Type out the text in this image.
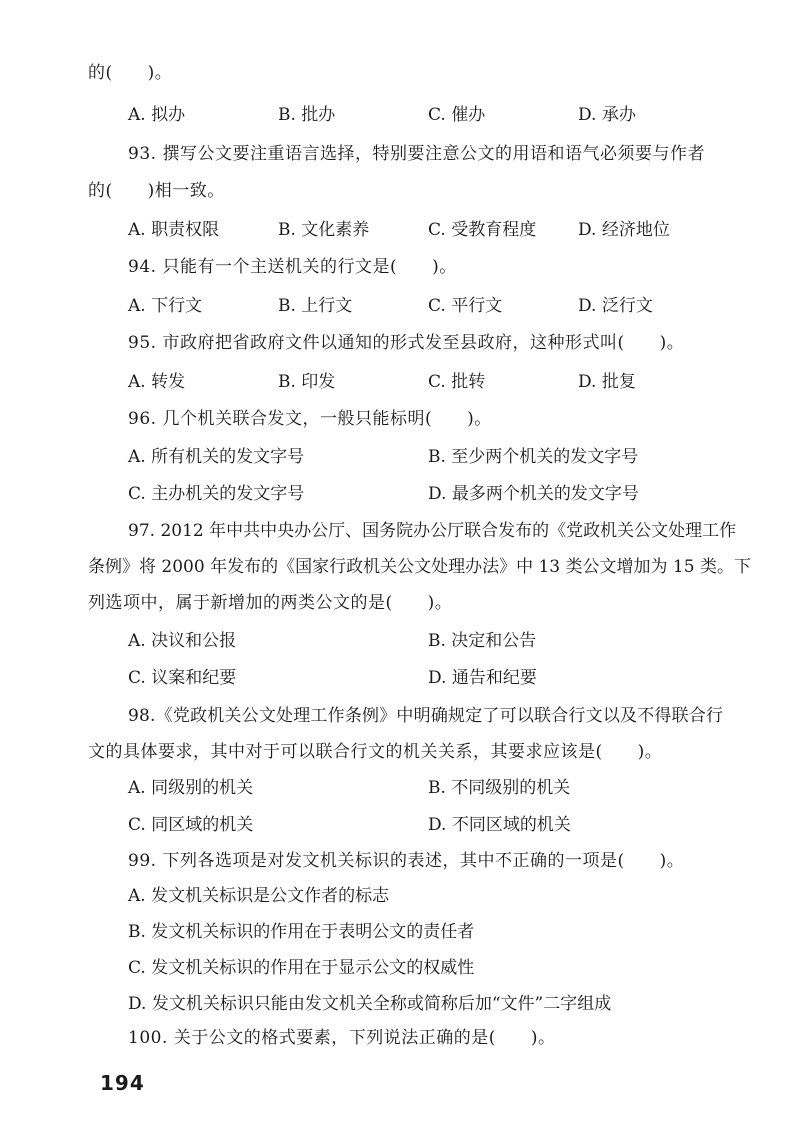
的(　　)。
A. 拟办	B. 批办	C. 催办	D. 承办
93. 撰写公文要注重语言选择，特别要注意公文的用语和语气必须要与作者
的(　　)相一致。
A. 职责权限	B. 文化素养	C. 受教育程度 D. 经济地位
94. 只能有一个主送机关的行文是(　　)。
A. 下行文	B. 上行文	C. 平行文	D. 泛行文
95. 市政府把省政府文件以通知的形式发至县政府，这种形式叫(　　)。
A. 转发	B. 印发	C. 批转	D. 批复
96. 几个机关联合发文，一般只能标明(　　)。
A. 所有机关的发文字号	B. 至少两个机关的发文字号
C. 主办机关的发文字号	D. 最多两个机关的发文字号
97. 2012 年中共中央办公厅、国务院办公厅联合发布的《党政机关公文处理工作
条例》将 2000 年发布的《国家行政机关公文处理办法》中 13 类公文增加为 15 类。下
列选项中，属于新增加的两类公文的是(　　)。
A. 决议和公报	B. 决定和公告
C. 议案和纪要	D. 通告和纪要
98.《党政机关公文处理工作条例》中明确规定了可以联合行文以及不得联合行
文的具体要求，其中对于可以联合行文的机关关系，其要求应该是(　　)。
A. 同级别的机关	B. 不同级别的机关
C. 同区域的机关	D. 不同区域的机关
99. 下列各选项是对发文机关标识的表述，其中不正确的一项是(　　)。
A. 发文机关标识是公文作者的标志
B. 发文机关标识的作用在于表明公文的责任者
C. 发文机关标识的作用在于显示公文的权威性
D. 发文机关标识只能由发文机关全称或简称后加“文件”二字组成
100. 关于公文的格式要素，下列说法正确的是(　　)。
194
